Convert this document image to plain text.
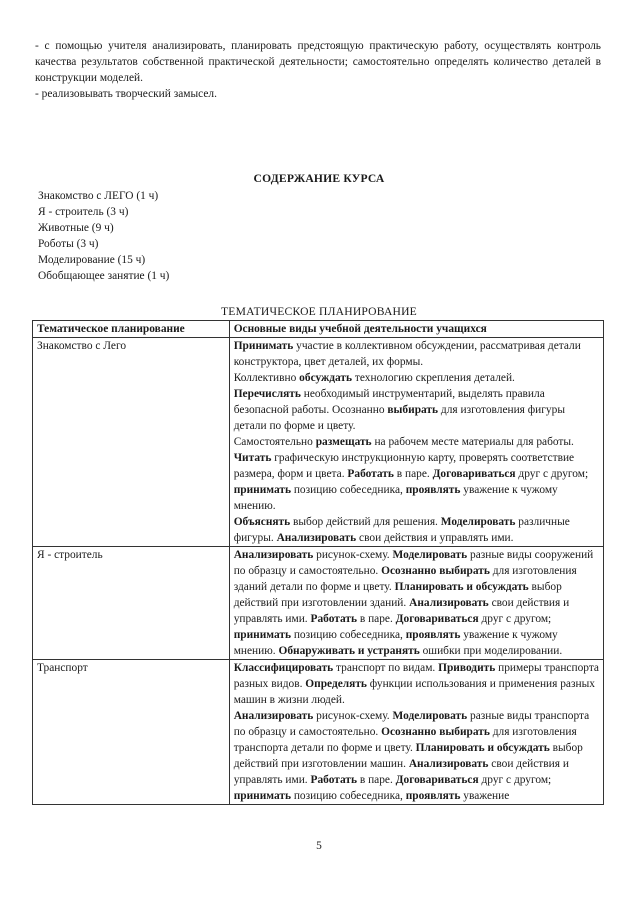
- с помощью учителя анализировать, планировать предстоящую практическую работу, осуществлять контроль качества результатов собственной практической деятельности; самостоятельно определять количество деталей в конструкции моделей.

- реализовывать творческий замысел.

СОДЕРЖАНИЕ КУРСА
Знакомство с ЛЕГО (1 ч)
Я - строитель (3 ч)
Животные (9 ч)
Роботы (3 ч)
Моделирование (15 ч)
Обобщающее занятие (1 ч)
ТЕМАТИЧЕСКОЕ ПЛАНИРОВАНИЕ
Тематическое планирование	Основные виды учебной деятельности учащихся
Знакомство с Лего	Принимать участие в коллективном обсуждении, рассматривая детали конструктора, цвет деталей, их формы.
Коллективно обсуждать технологию скрепления деталей.
Перечислять необходимый инструментарий, выделять правила безопасной работы. Осознанно выбирать для изготовления фигуры детали по форме и цвету.
Самостоятельно размещать на рабочем месте материалы для работы. Читать графическую инструкционную карту, проверять соответствие размера, форм и цвета. Работать в паре. Договариваться друг с другом; принимать позицию собеседника, проявлять уважение к чужому мнению.
Объяснять выбор действий для решения. Моделировать различные фигуры. Анализировать свои действия и управлять ими.

Я - строитель	Анализировать рисунок-схему. Моделировать разные виды сооружений по образцу и самостоятельно. Осознанно выбирать для изготовления зданий детали по форме и цвету. Планировать и обсуждать выбор действий при изготовлении зданий. Анализировать свои действия и управлять ими. Работать в паре. Договариваться друг с другом; принимать позицию собеседника, проявлять уважение к чужому мнению. Обнаруживать и устранять ошибки при моделировании.

Транспорт	Классифицировать транспорт по видам. Приводить примеры транспорта разных видов. Определять функции использования и применения разных машин в жизни людей.
Анализировать рисунок-схему. Моделировать разные виды транспорта по образцу и самостоятельно. Осознанно выбирать для изготовления транспорта детали по форме и цвету. Планировать и обсуждать выбор действий при изготовлении машин. Анализировать свои действия и управлять ими. Работать в паре. Договариваться друг с другом; принимать позицию собеседника, проявлять уважение

5
